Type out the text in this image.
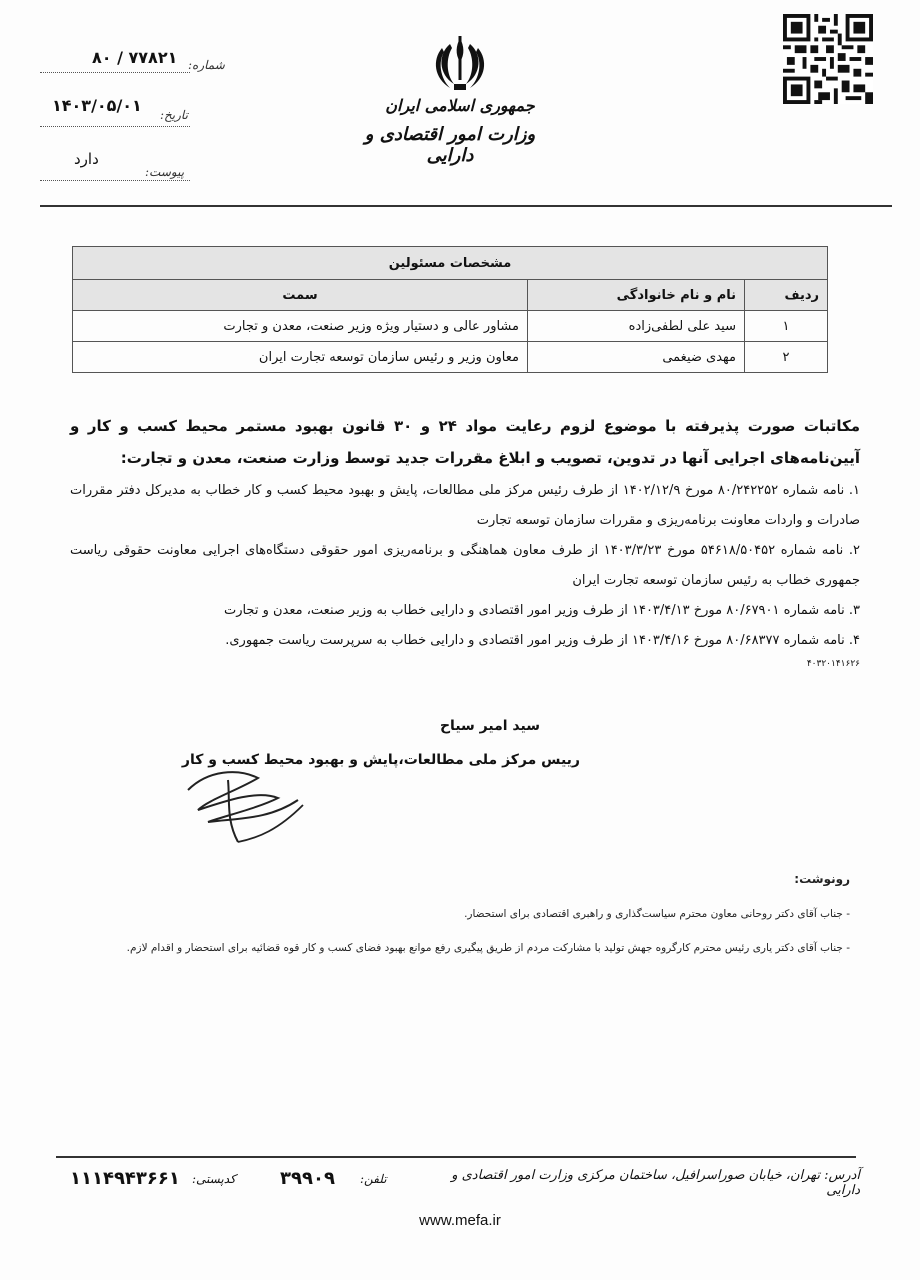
۸۰ / ۷۷۸۲۱ شماره:
۱۴۰۳/۰۵/۰۱ تاریخ:
دارد
پیوست:
جمهوری اسلامی ایران
وزارت امور اقتصادی و دارایی
مشخصات مسئولین		
ردیف	نام و نام خانوادگی	سمت
۱	سید علی لطفی‌زاده	مشاور عالی و دستیار ویژه وزیر صنعت، معدن و تجارت
۲	مهدی ضیغمی	معاون وزیر و رئیس سازمان توسعه تجارت ایران
مکاتبات صورت پذیرفته با موضوع لزوم رعایت مواد ۲۴ و ۳۰ قانون بهبود مستمر محیط کسب و کار و آیین‌نامه‌های اجرایی آنها در تدوین، تصویب و ابلاغ مقررات جدید توسط وزارت صنعت، معدن و تجارت:
۱. نامه شماره ۸۰/۲۴۲۲۵۲ مورخ ۱۴۰۲/۱۲/۹ از طرف رئیس مرکز ملی مطالعات، پایش و بهبود محیط کسب و کار خطاب به مدیرکل دفتر مقررات صادرات و واردات معاونت برنامه‌ریزی و مقررات سازمان توسعه تجارت
۲. نامه شماره ۵۴۶۱۸/۵۰۴۵۲ مورخ ۱۴۰۳/۳/۲۳ از طرف معاون هماهنگی و برنامه‌ریزی امور حقوقی دستگاه‌های اجرایی معاونت حقوقی ریاست جمهوری خطاب به رئیس سازمان توسعه تجارت ایران
۳. نامه شماره ۸۰/۶۷۹۰۱ مورخ ۱۴۰۳/۴/۱۳ از طرف وزیر امور اقتصادی و دارایی خطاب به وزیر صنعت، معدن و تجارت
۴. نامه شماره ۸۰/۶۸۳۷۷ مورخ ۱۴۰۳/۴/۱۶ از طرف وزیر امور اقتصادی و دارایی خطاب به سرپرست ریاست جمهوری.
۴۰۳۲۰۱۴۱۶۲۶
سید امیر سیاح
رییس مرکز ملی مطالعات،پایش و بهبود محیط کسب و کار
رونوشت:
- جناب آقای دکتر روحانی معاون محترم سیاست‌گذاری و راهبری اقتصادی برای استحضار.
- جناب آقای دکتر یاری رئیس محترم کارگروه جهش تولید با مشارکت مردم از طریق پیگیری رفع موانع بهبود فضای کسب و کار قوه قضائیه برای استحضار و اقدام لازم.
آدرس: تهران، خیابان صوراسرافیل، ساختمان مرکزی وزارت امور اقتصادی و دارایی
تلفن:
۳۹۹۰۹
کدپستی:
۱۱۱۴۹۴۳۶۶۱
www.mefa.ir
